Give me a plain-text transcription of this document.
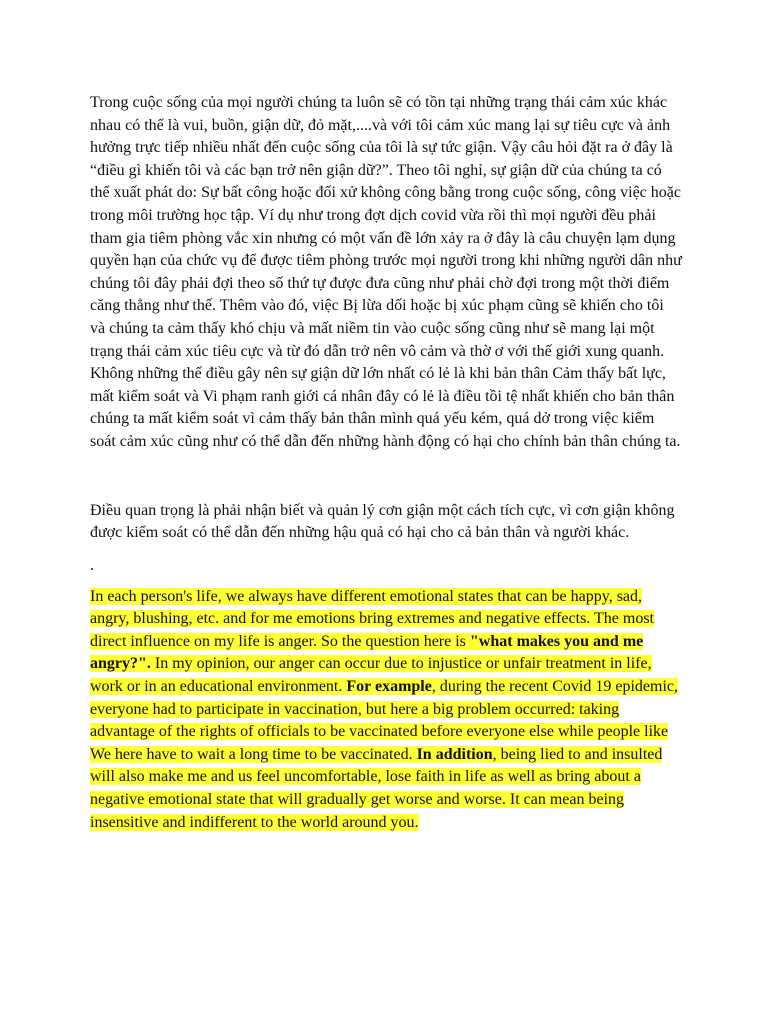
Trong cuộc sống của mọi người chúng ta luôn sẽ có tồn tại những trạng thái cảm xúc khác nhau có thể là vui, buồn, giận dữ, đỏ mặt,....và với tôi cảm xúc mang lại sự tiêu cực và ảnh hưởng trực tiếp nhiều nhất đến cuộc sống của tôi là sự tức giận. Vậy câu hỏi đặt ra ở đây là “điều gì khiến tôi và các bạn trở nên giận dữ?”. Theo tôi nghỉ, sự giận dữ của chúng ta có thể xuất phát do: Sự bất công hoặc đối xử không công bằng trong cuộc sống, công việc hoặc trong môi trường học tập. Ví dụ như trong đợt dịch covid vừa rồi thì mọi người đều phải tham gia tiêm phòng vắc xin nhưng có một vấn đề lớn xảy ra ở đây là câu chuyện lạm dụng quyền hạn của chức vụ để được tiêm phòng trước mọi người trong khi những người dân như chúng tôi đây phải đợi theo số thứ tự được đưa cũng như phải chờ đợi trong một thời điểm căng thẳng như thế. Thêm vào đó, việc Bị lừa dối hoặc bị xúc phạm cũng sẽ khiến cho tôi và chúng ta cảm thấy khó chịu và mất niềm tin vào cuộc sống cũng như sẽ mang lại một trạng thái cảm xúc tiêu cực và từ đó dẫn trở nên vô cảm và thờ ơ với thế giới xung quanh. Không những thế điều gây nên sự giận dữ lớn nhất có lẻ là khi bản thân Cảm thấy bất lực, mất kiểm soát và Vi phạm ranh giới cá nhân đây có lẻ là điều tồi tệ nhất khiến cho bản thân chúng ta mất kiểm soát vì cảm thấy bản thân mình quá yếu kém, quá dở trong việc kiểm soát cảm xúc cũng như có thể dẫn đến những hành động có hại cho chính bản thân chúng ta.

Điều quan trọng là phải nhận biết và quản lý cơn giận một cách tích cực, vì cơn giận không được kiểm soát có thể dẫn đến những hậu quả có hại cho cả bản thân và người khác.

.

In each person's life, we always have different emotional states that can be happy, sad, angry, blushing, etc. and for me emotions bring extremes and negative effects. The most direct influence on my life is anger. So the question here is "what makes you and me angry?". In my opinion, our anger can occur due to injustice or unfair treatment in life, work or in an educational environment. For example, during the recent Covid 19 epidemic, everyone had to participate in vaccination, but here a big problem occurred: taking advantage of the rights of officials to be vaccinated before everyone else while people like We here have to wait a long time to be vaccinated. In addition, being lied to and insulted will also make me and us feel uncomfortable, lose faith in life as well as bring about a negative emotional state that will gradually get worse and worse. It can mean being insensitive and indifferent to the world around you.
